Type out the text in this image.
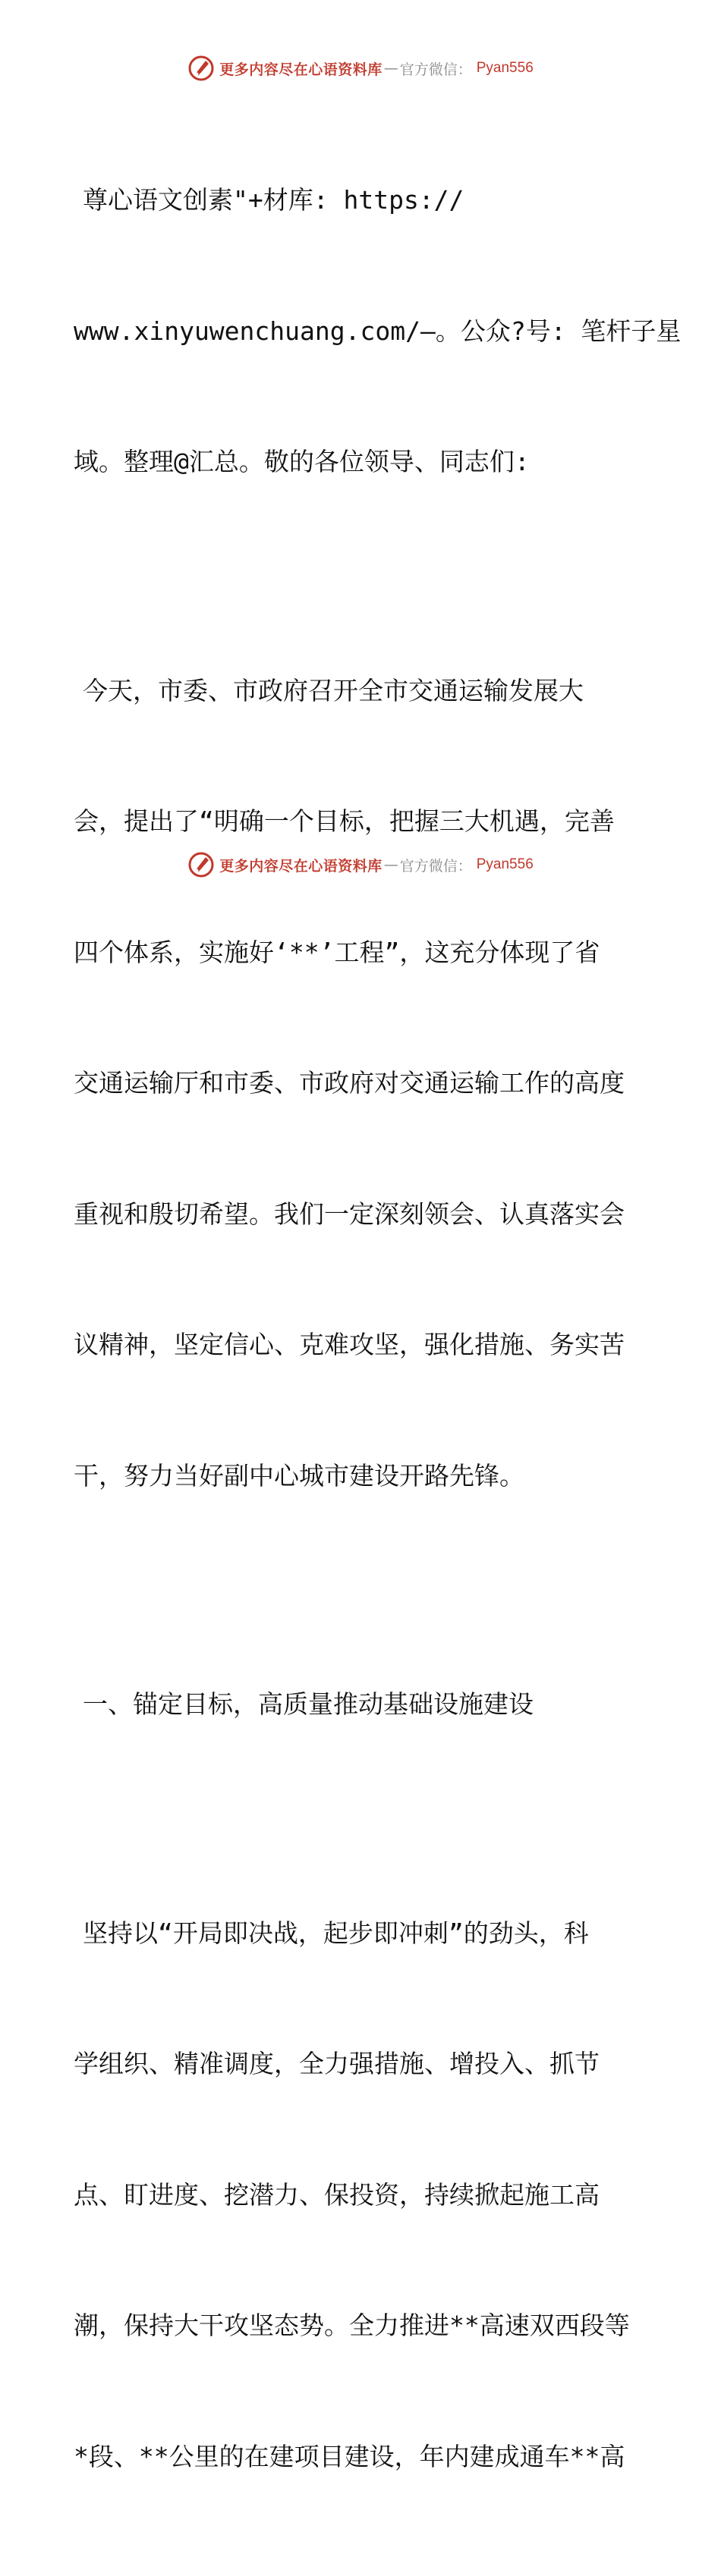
更多内容尽在心语资料库 — 官方微信： Pyan556

尊心语文创素"+材库: https://

www.xinyuwenchuang.com/—。公众?号: 笔杆子星

域。整理@汇总。敬的各位领导、同志们:

今天，市委、市政府召开全市交通运输发展大

会，提出了“明确一个目标，把握三大机遇，完善

四个体系，实施好‘**’工程”，这充分体现了省

交通运输厅和市委、市政府对交通运输工作的高度

重视和殷切希望。我们一定深刻领会、认真落实会

议精神，坚定信心、克难攻坚，强化措施、务实苦

干，努力当好副中心城市建设开路先锋。

一、锚定目标，高质量推动基础设施建设

坚持以“开局即决战，起步即冲刺”的劲头，科

学组织、精准调度，全力强措施、增投入、抓节

点、盯进度、挖潜力、保投资，持续掀起施工高

潮，保持大干攻坚态势。全力推进**高速双西段等

*段、**公里的在建项目建设，年内建成通车**高

更多内容尽在心语资料库 — 官方微信： Pyan556
